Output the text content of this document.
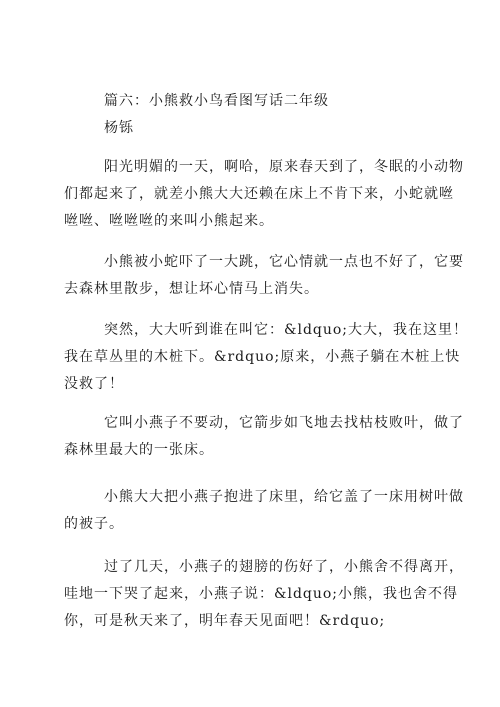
篇六：小熊救小鸟看图写话二年级
杨铄
阳光明媚的一天，啊哈，原来春天到了，冬眠的小动物
们都起来了，就差小熊大大还赖在床上不肯下来，小蛇就咝
咝咝、咝咝咝的来叫小熊起来。
小熊被小蛇吓了一大跳，它心情就一点也不好了，它要
去森林里散步，想让坏心情马上消失。
突然，大大听到谁在叫它：&ldquo;大大，我在这里！
我在草丛里的木桩下。&rdquo;原来，小燕子躺在木桩上快
没救了！
它叫小燕子不要动，它箭步如飞地去找枯枝败叶，做了
森林里最大的一张床。
小熊大大把小燕子抱进了床里，给它盖了一床用树叶做
的被子。
过了几天，小燕子的翅膀的伤好了，小熊舍不得离开，
哇地一下哭了起来，小燕子说：&ldquo;小熊，我也舍不得
你，可是秋天来了，明年春天见面吧！&rdquo;
